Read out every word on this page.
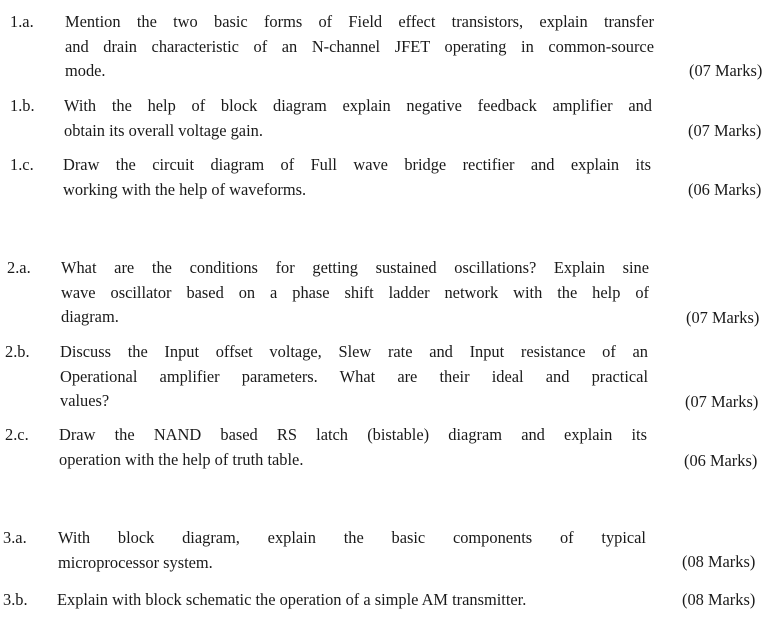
1.a. Mention the two basic forms of Field effect transistors, explain transfer
and drain characteristic of an N-channel JFET operating in common-source
mode.	(07 Marks)
1.b. With the help of block diagram explain negative feedback amplifier and
obtain its overall voltage gain.	(07 Marks)
1.c. Draw the circuit diagram of Full wave bridge rectifier and explain its
working with the help of waveforms.	(06 Marks)
2.a. What are the conditions for getting sustained oscillations? Explain sine
wave oscillator based on a phase shift ladder network with the help of
diagram.	(07 Marks)
2.b. Discuss the Input offset voltage, Slew rate and Input resistance of an
Operational amplifier parameters. What are their ideal and practical
values?	(07 Marks)
2.c. Draw the NAND based RS latch (bistable) diagram and explain its
operation with the help of truth table.	(06 Marks)
3.a. With block diagram, explain the basic components of typical
microprocessor system.	(08 Marks)
3.b. Explain with block schematic the operation of a simple AM transmitter.	(08 Marks)
